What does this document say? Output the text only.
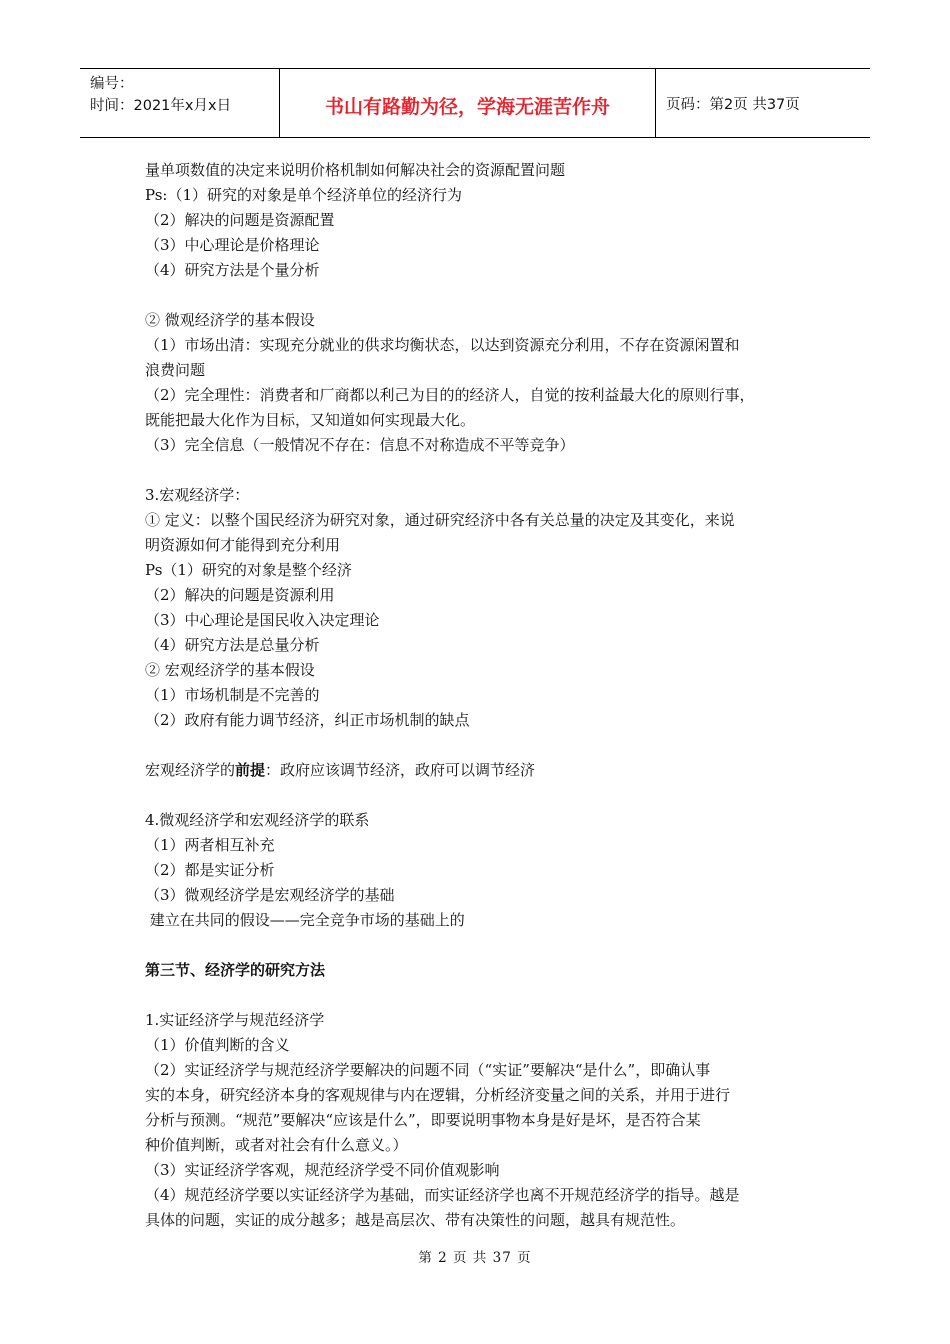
编号：
时间：2021年x月x日	书山有路勤为径，学海无涯苦作舟	页码：第2页 共37页

量单项数值的决定来说明价格机制如何解决社会的资源配置问题

Ps:（1）研究的对象是单个经济单位的经济行为

（2）解决的问题是资源配置

（3）中心理论是价格理论

（4）研究方法是个量分析

② 微观经济学的基本假设

（1）市场出清：实现充分就业的供求均衡状态，以达到资源充分利用，不存在资源闲置和

浪费问题

（2）完全理性：消费者和厂商都以利己为目的的经济人，自觉的按利益最大化的原则行事，

既能把最大化作为目标，又知道如何实现最大化。

（3）完全信息（一般情况不存在：信息不对称造成不平等竞争）

3.宏观经济学：

① 定义：以整个国民经济为研究对象，通过研究经济中各有关总量的决定及其变化，来说

明资源如何才能得到充分利用

Ps（1）研究的对象是整个经济

（2）解决的问题是资源利用

（3）中心理论是国民收入决定理论

（4）研究方法是总量分析

② 宏观经济学的基本假设

（1）市场机制是不完善的

（2）政府有能力调节经济，纠正市场机制的缺点

宏观经济学的前提：政府应该调节经济，政府可以调节经济

4.微观经济学和宏观经济学的联系

（1）两者相互补充

（2）都是实证分析

（3）微观经济学是宏观经济学的基础

建立在共同的假设——完全竞争市场的基础上的

第三节、经济学的研究方法

1.实证经济学与规范经济学

（1）价值判断的含义

（2）实证经济学与规范经济学要解决的问题不同（“实证”要解决“是什么”，即确认事

实的本身，研究经济本身的客观规律与内在逻辑，分析经济变量之间的关系，并用于进行

分析与预测。“规范”要解决“应该是什么”，即要说明事物本身是好是坏，是否符合某

种价值判断，或者对社会有什么意义。）

（3）实证经济学客观，规范经济学受不同价值观影响

（4）规范经济学要以实证经济学为基础，而实证经济学也离不开规范经济学的指导。越是

具体的问题，实证的成分越多；越是高层次、带有决策性的问题，越具有规范性。

第 2 页 共 37 页
